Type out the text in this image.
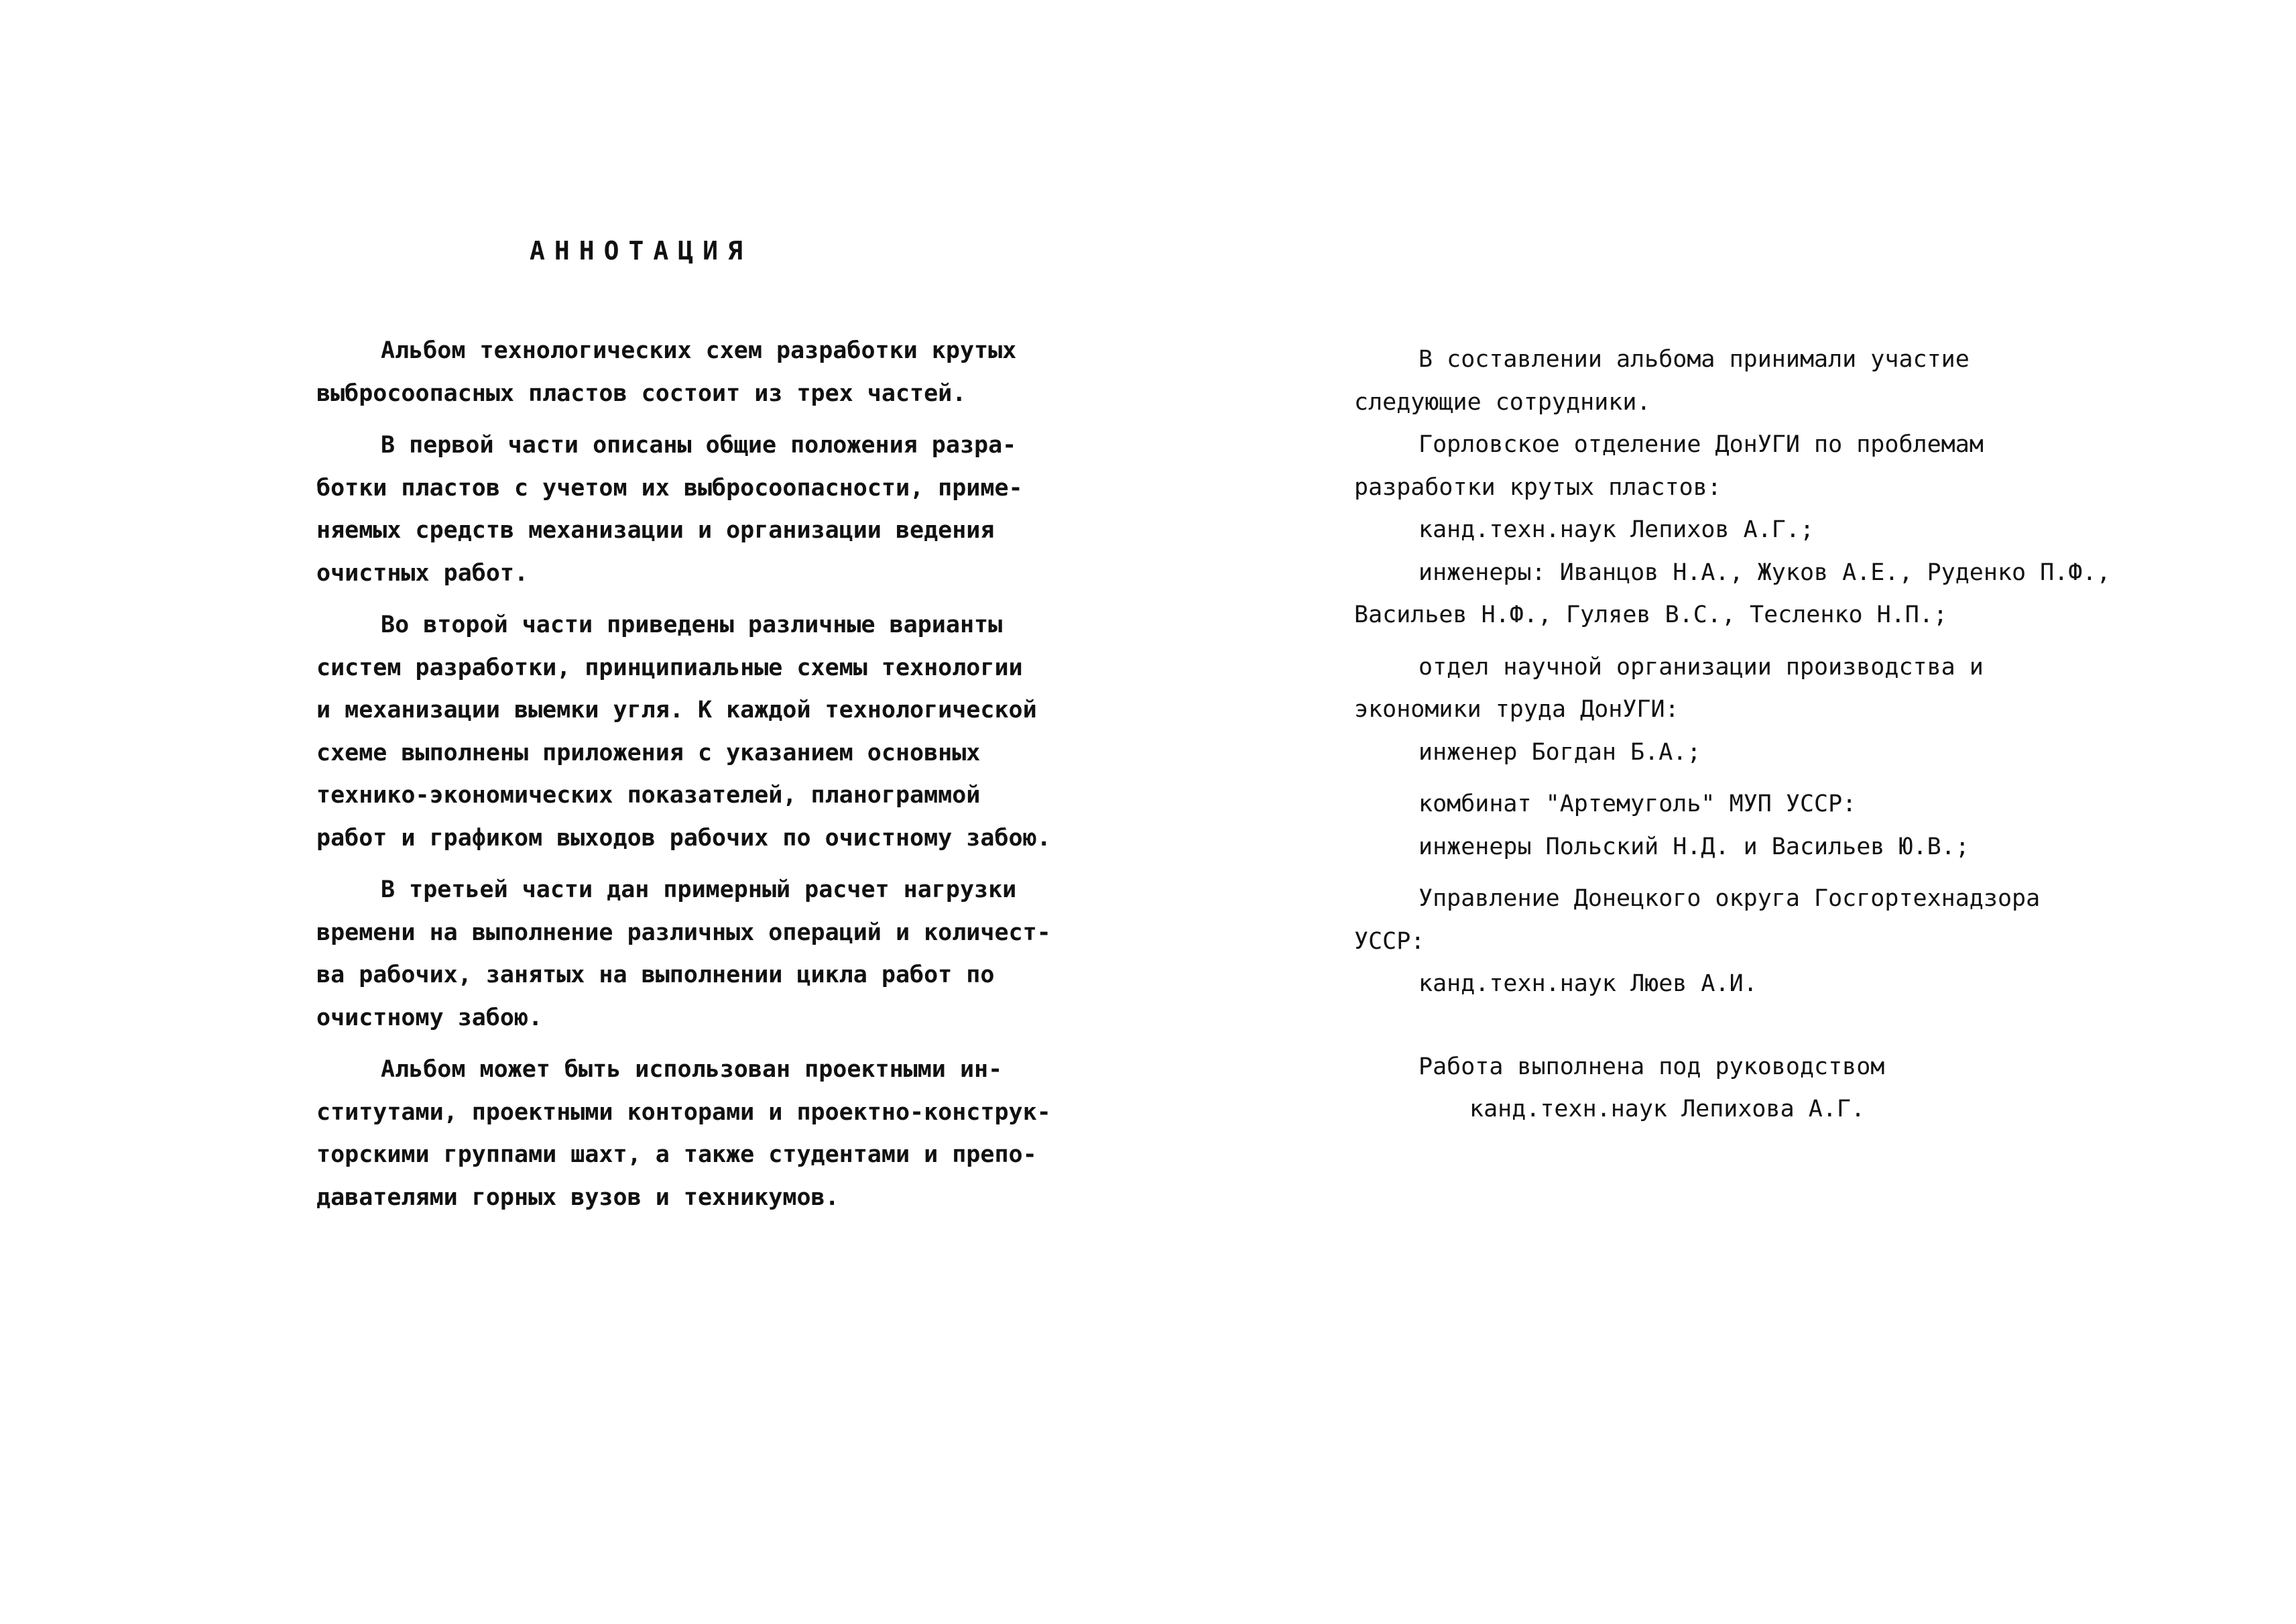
АННОТАЦИЯ
Альбом технологических схем разработки крутых
выбросоопасных пластов состоит из трех частей.
В первой части описаны общие положения разра-
ботки пластов с учетом их выбросоопасности, приме-
няемых средств механизации и организации ведения
очистных работ.
Во второй части приведены различные варианты
систем разработки, принципиальные схемы технологии
и механизации выемки угля. К каждой технологической
схеме выполнены приложения с указанием основных
технико-экономических показателей, планограммой
работ и графиком выходов рабочих по очистному забою.
В третьей части дан примерный расчет нагрузки
времени на выполнение различных операций и количест-
ва рабочих, занятых на выполнении цикла работ по
очистному забою.
Альбом может быть использован проектными ин-
ститутами, проектными конторами и проектно-конструк-
торскими группами шахт, а также студентами и препо-
давателями горных вузов и техникумов.
В составлении альбома принимали участие
следующие сотрудники.
Горловское отделение ДонУГИ по проблемам
разработки крутых пластов:
канд.техн.наук Лепихов А.Г.;
инженеры: Иванцов Н.А., Жуков А.Е., Руденко П.Ф.,
Васильев Н.Ф., Гуляев В.С., Тесленко Н.П.;
отдел научной организации производства и
экономики труда ДонУГИ:
инженер Богдан Б.А.;
комбинат "Артемуголь" МУП УССР:
инженеры Польский Н.Д. и Васильев Ю.В.;
Управление Донецкого округа Госгортехнадзора
УССР:
канд.техн.наук Люев А.И.
Работа выполнена под руководством
канд.техн.наук Лепихова А.Г.
